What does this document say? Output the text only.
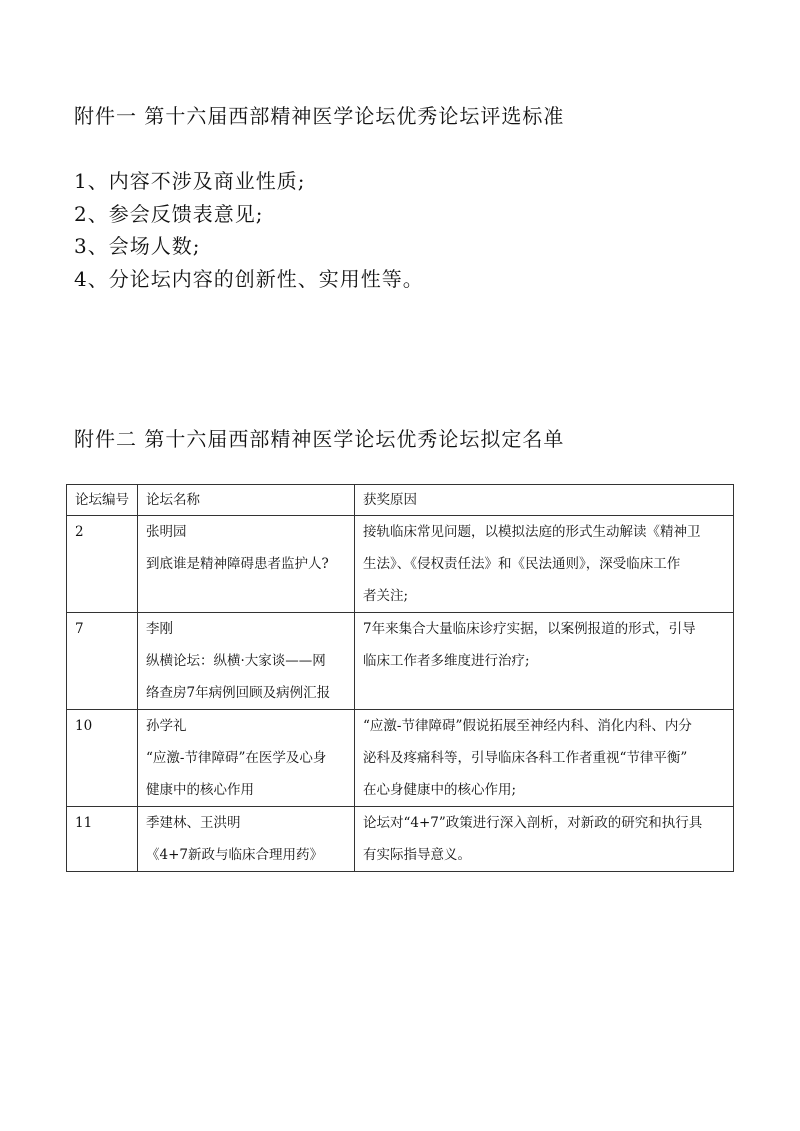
附件一 第十六届西部精神医学论坛优秀论坛评选标准
1、内容不涉及商业性质;
2、参会反馈表意见;
3、会场人数;
4、分论坛内容的创新性、实用性等。
附件二 第十六届西部精神医学论坛优秀论坛拟定名单
论坛编号	论坛名称	获奖原因
2	张明园
到底谁是精神障碍患者监护人?	接轨临床常见问题，以模拟法庭的形式生动解读《精神卫
生法》、《侵权责任法》和《民法通则》，深受临床工作
者关注;

7	李刚
纵横论坛：纵横·大家谈——网
络查房7年病例回顾及病例汇报	7年来集合大量临床诊疗实据，以案例报道的形式，引导
临床工作者多维度进行治疗;

10	孙学礼
“应激-节律障碍”在医学及心身
健康中的核心作用	“应激-节律障碍”假说拓展至神经内科、消化内科、内分
泌科及疼痛科等，引导临床各科工作者重视“节律平衡”
在心身健康中的核心作用;

11	季建林、王洪明
《4+7新政与临床合理用药》	论坛对“4+7”政策进行深入剖析，对新政的研究和执行具
有实际指导意义。
